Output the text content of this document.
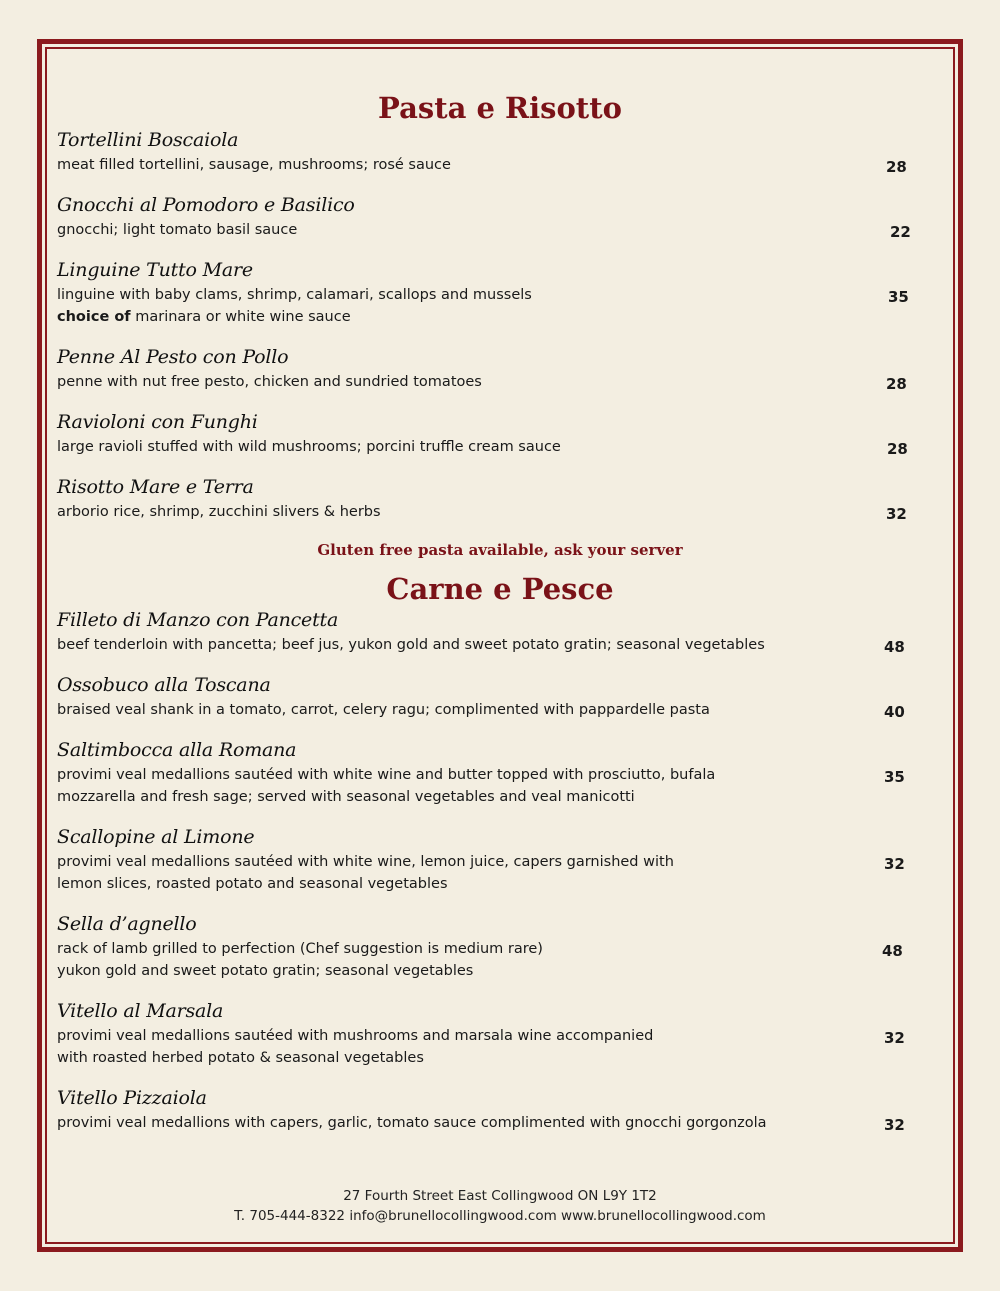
Pasta e Risotto
Tortellini Boscaiola
meat filled tortellini, sausage, mushrooms; rosé sauce	28
Gnocchi al Pomodoro e Basilico
gnocchi; light tomato basil sauce	22
Linguine Tutto Mare
linguine with baby clams, shrimp, calamari, scallops and mussels
choice of marinara or white wine sauce
35
Penne Al Pesto con Pollo
penne with nut free pesto, chicken and sundried tomatoes	28
Ravioloni con Funghi
large ravioli stuffed with wild mushrooms; porcini truffle cream sauce	28
Risotto Mare e Terra
arborio rice, shrimp, zucchini slivers & herbs	32
Gluten free pasta available, ask your server
Carne e Pesce
Filleto di Manzo con Pancetta
beef tenderloin with pancetta; beef jus, yukon gold and sweet potato gratin; seasonal vegetables	48
Ossobuco alla Toscana
braised veal shank in a tomato, carrot, celery ragu; complimented with pappardelle pasta	40
Saltimbocca alla Romana
provimi veal medallions sautéed with white wine and butter topped with prosciutto, bufala
mozzarella and fresh sage; served with seasonal vegetables and veal manicotti
35
Scallopine al Limone
provimi veal medallions sautéed with white wine, lemon juice, capers garnished with
lemon slices, roasted potato and seasonal vegetables
32
Sella d’agnello
rack of lamb grilled to perfection (Chef suggestion is medium rare)
yukon gold and sweet potato gratin; seasonal vegetables
48
Vitello al Marsala
provimi veal medallions sautéed with mushrooms and marsala wine accompanied
with roasted herbed potato & seasonal vegetables
32
Vitello Pizzaiola
provimi veal medallions with capers, garlic, tomato sauce complimented with gnocchi gorgonzola	32
27 Fourth Street East Collingwood ON L9Y 1T2
T. 705-444-8322 info@brunellocollingwood.com www.brunellocollingwood.com
